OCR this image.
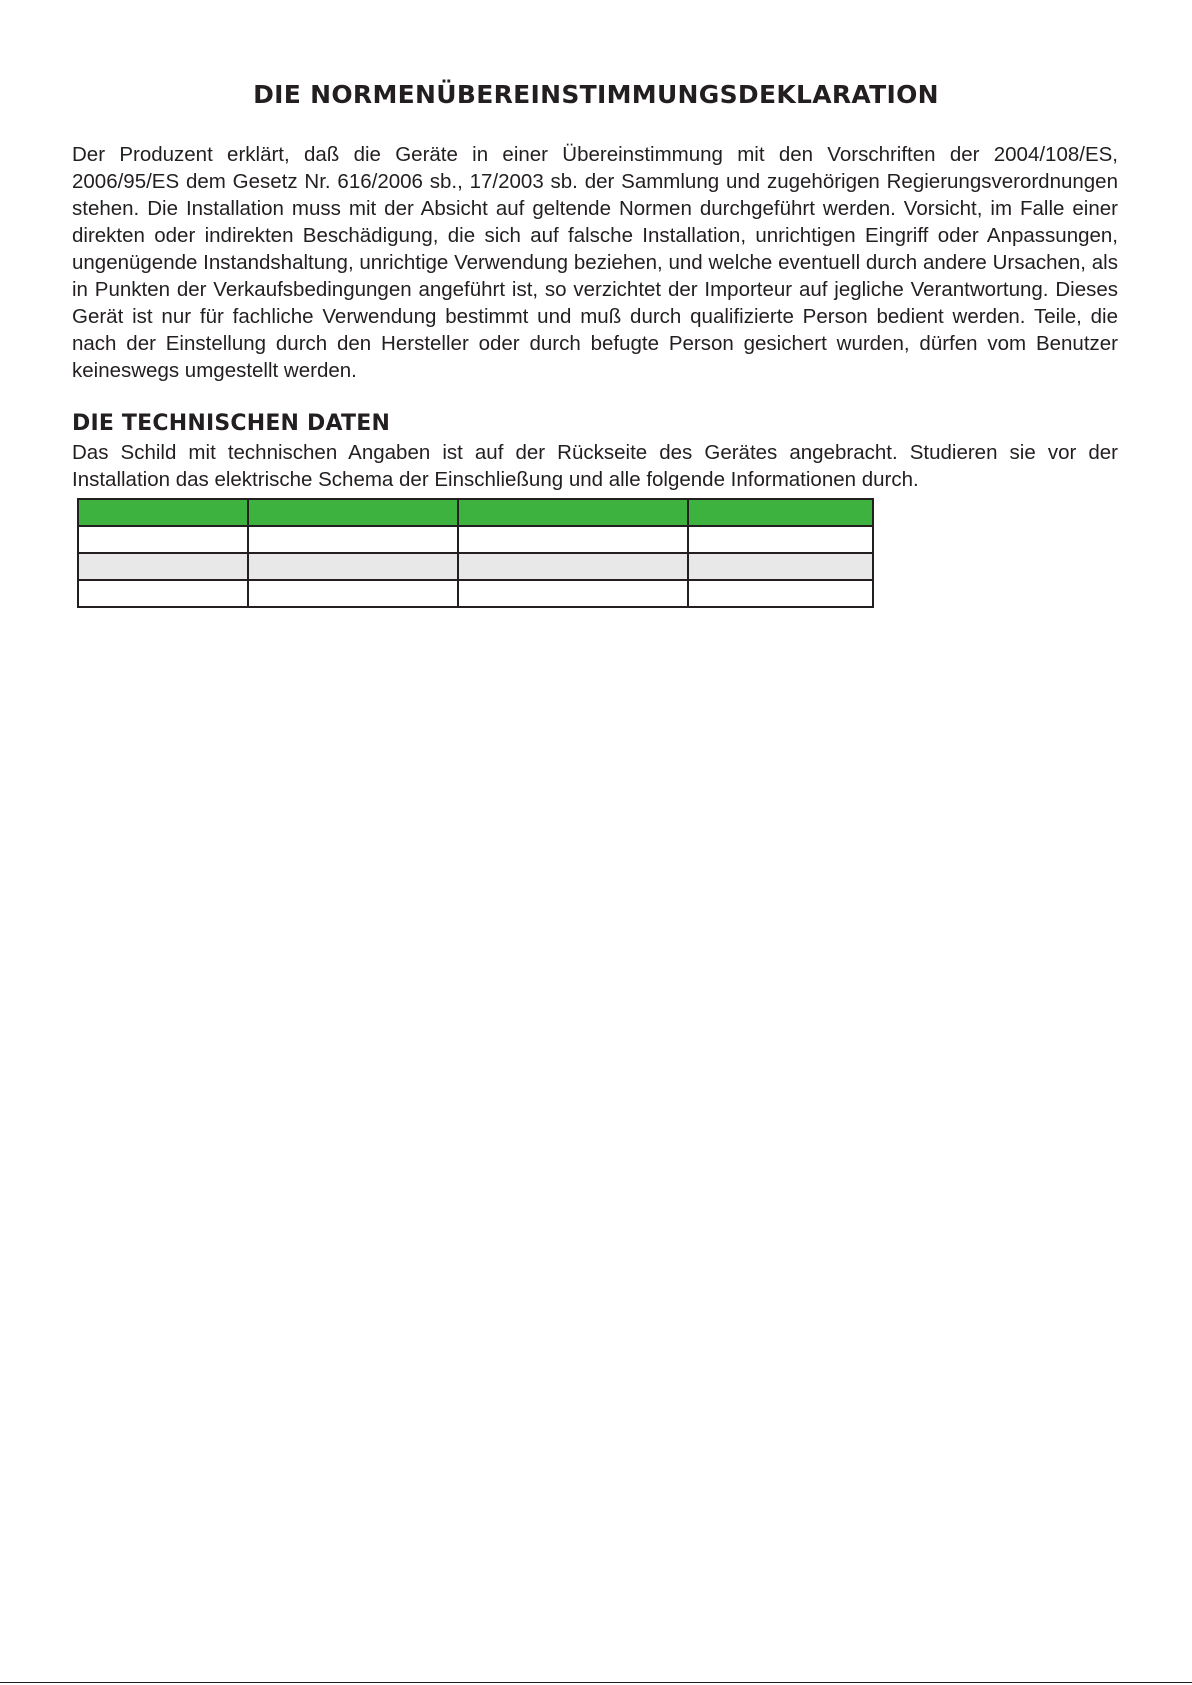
DIE NORMENÜBEREINSTIMMUNGSDEKLARATION

Der Produzent erklärt, daß die Geräte in einer Übereinstimmung mit den Vorschriften der 2004/108/ES, 2006/95/ES dem Gesetz Nr. 616/2006 sb., 17/2003 sb. der Sammlung und zugehörigen Regierungsverordnungen stehen. Die Installation muss mit der Absicht auf geltende Normen durchgeführt werden. Vorsicht, im Falle einer direkten oder indirekten Beschädigung, die sich auf falsche Installation, unrichtigen Eingriff oder Anpassungen, ungenügende Instandshaltung, unrichtige Verwendung beziehen, und welche eventuell durch andere Ursachen, als in Punkten der Verkaufsbedingungen angeführt ist, so verzichtet der Importeur auf jegliche Verantwortung. Dieses Gerät ist nur für fachliche Verwendung bestimmt und muß durch qualifizierte Person bedient werden. Teile, die nach der Einstellung durch den Hersteller oder durch befugte Person gesichert wurden, dürfen vom Benutzer keineswegs umgestellt werden.

DIE TECHNISCHEN DATEN

Das Schild mit technischen Angaben ist auf der Rückseite des Gerätes angebracht. Studieren sie vor der Installation das elektrische Schema der Einschließung und alle folgende Informationen durch.
